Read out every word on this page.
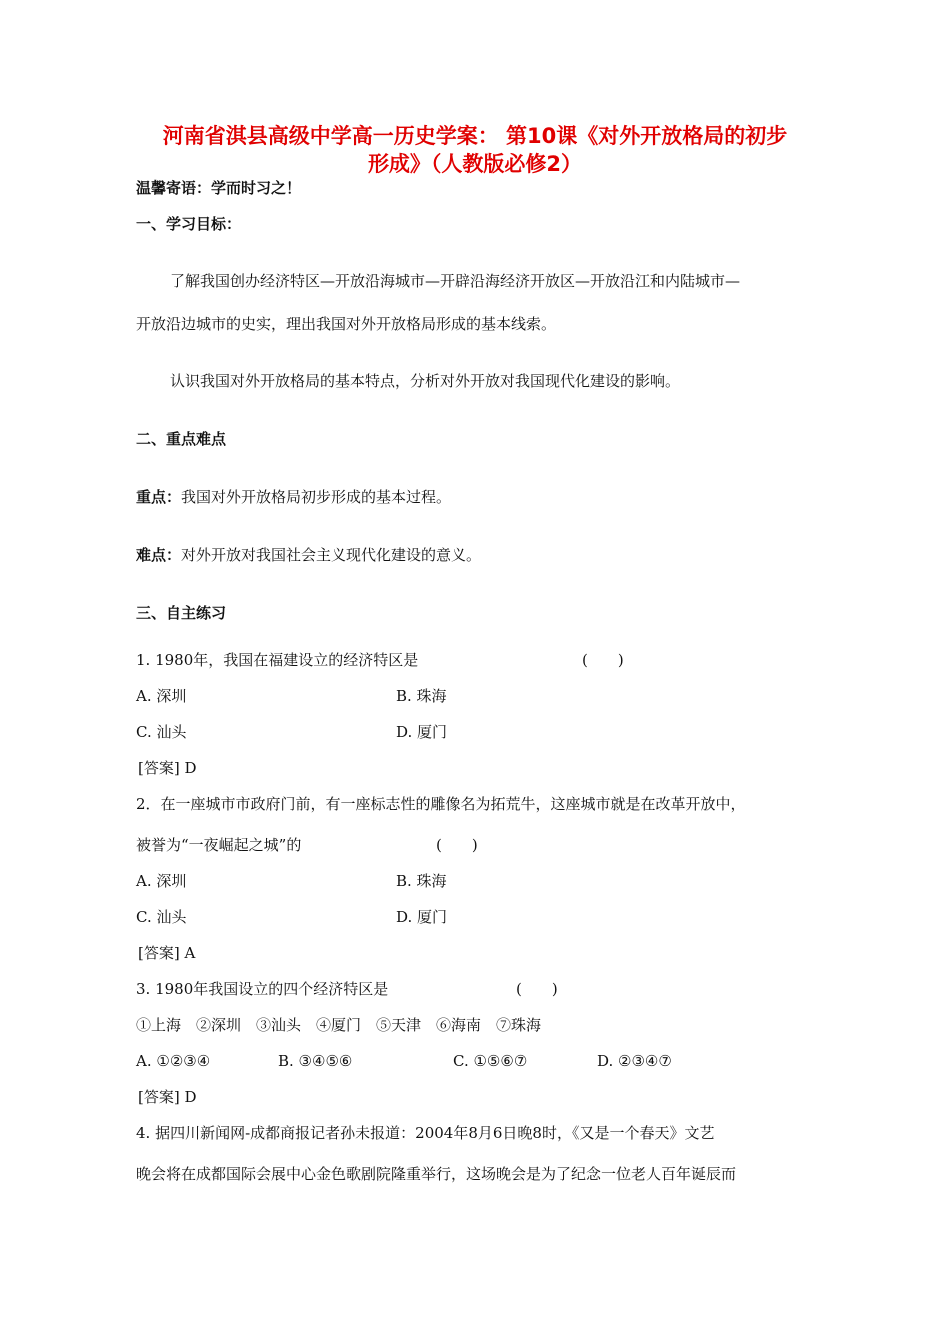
河南省淇县高级中学高一历史学案： 第10课《对外开放格局的初步
形成》（人教版必修2）
温馨寄语：学而时习之！
一、学习目标：
了解我国创办经济特区—开放沿海城市—开辟沿海经济开放区—开放沿江和内陆城市—
开放沿边城市的史实，理出我国对外开放格局形成的基本线索。
认识我国对外开放格局的基本特点，分析对外开放对我国现代化建设的影响。
二、重点难点
重点：我国对外开放格局初步形成的基本过程。
难点：对外开放对我国社会主义现代化建设的意义。
三、自主练习
1. 1980年，我国在福建设立的经济特区是	(　　)
A. 深圳	B. 珠海
C. 汕头	D. 厦门
[答案] D
2．在一座城市市政府门前，有一座标志性的雕像名为拓荒牛，这座城市就是在改革开放中，
被誉为“一夜崛起之城”的	(　　)
A. 深圳	B. 珠海
C. 汕头	D. 厦门
[答案] A
3. 1980年我国设立的四个经济特区是	(　　)
①上海　②深圳　③汕头　④厦门　⑤天津　⑥海南　⑦珠海
A. ①②③④	B. ③④⑤⑥	C. ①⑤⑥⑦	D. ②③④⑦
[答案] D
4. 据四川新闻网-成都商报记者孙未报道：2004年8月6日晚8时，《又是一个春天》文艺
晚会将在成都国际会展中心金色歌剧院隆重举行，这场晚会是为了纪念一位老人百年诞辰而
